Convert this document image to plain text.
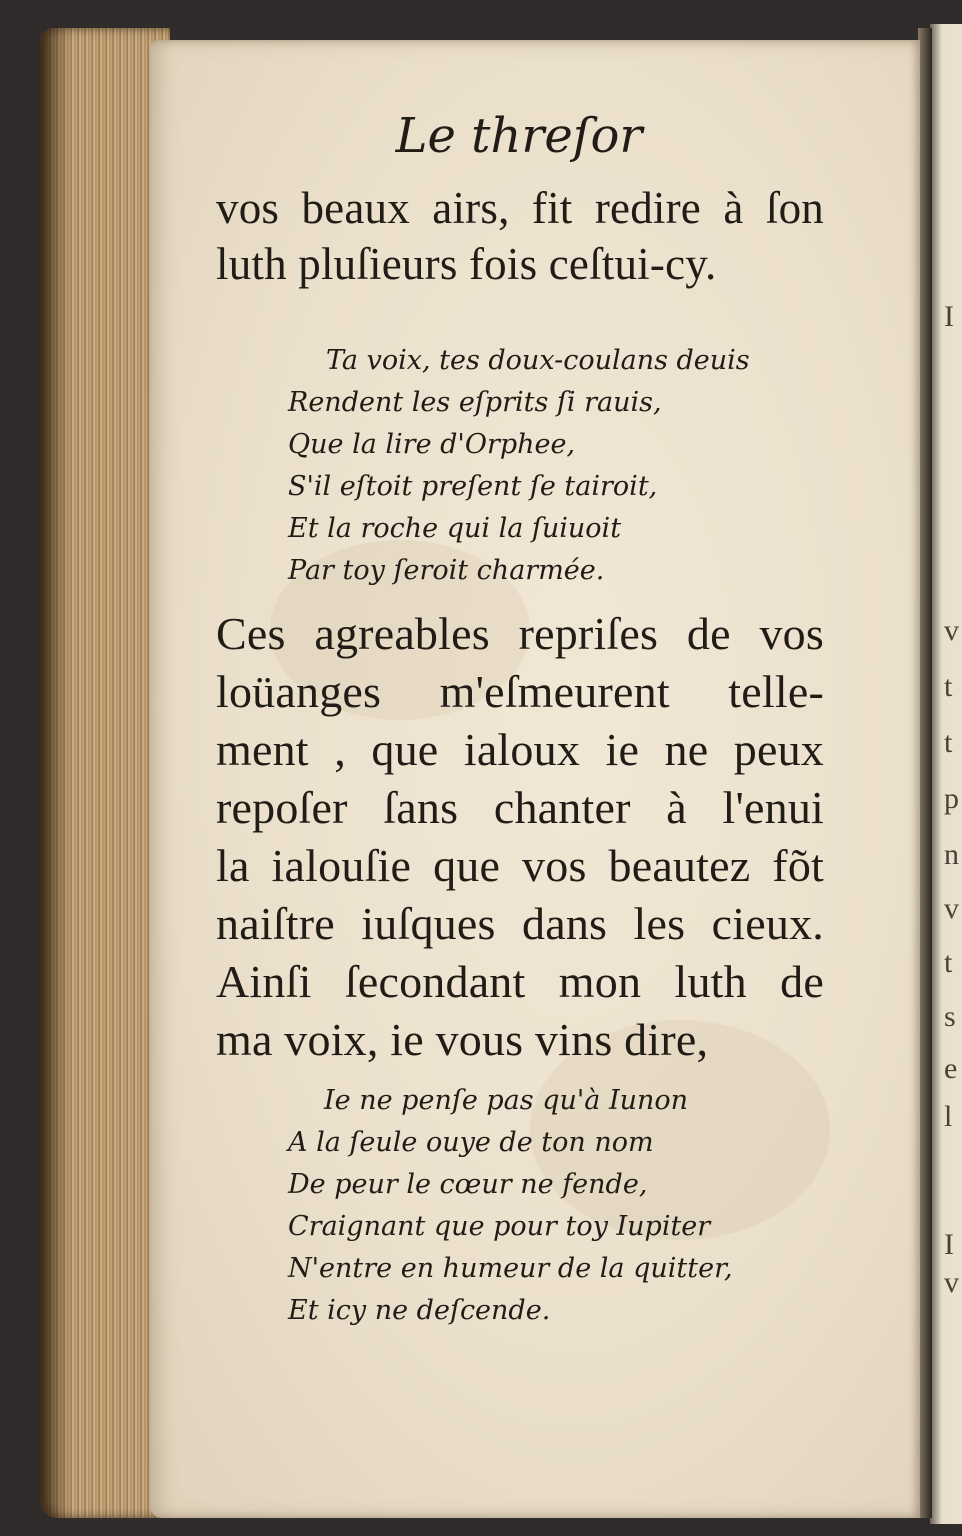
I
v
t
t
p
n
v
t
s
e
l
I
v
Le threſor
vos beaux airs, fit redire à ſon
luth pluſieurs fois ceſtui-cy.
Ta voix, tes doux-coulans deuis
Rendent les eſprits ſi rauis,
Que la lire d'Orphee,
S'il eſtoit preſent ſe tairoit,
Et la roche qui la ſuiuoit
Par toy ſeroit charmée.
Ces agreables repriſes de vos
loüanges m'eſmeurent telle-
ment , que ialoux ie ne peux
repoſer ſans chanter à l'enui
la ialouſie que vos beautez fõt
naiſtre iuſques dans les cieux.
Ainſi ſecondant mon luth de
ma voix, ie vous vins dire,
Ie ne penſe pas qu'à Iunon
A la ſeule ouye de ton nom
De peur le cœur ne fende,
Craignant que pour toy Iupiter
N'entre en humeur de la quitter,
Et icy ne deſcende.
